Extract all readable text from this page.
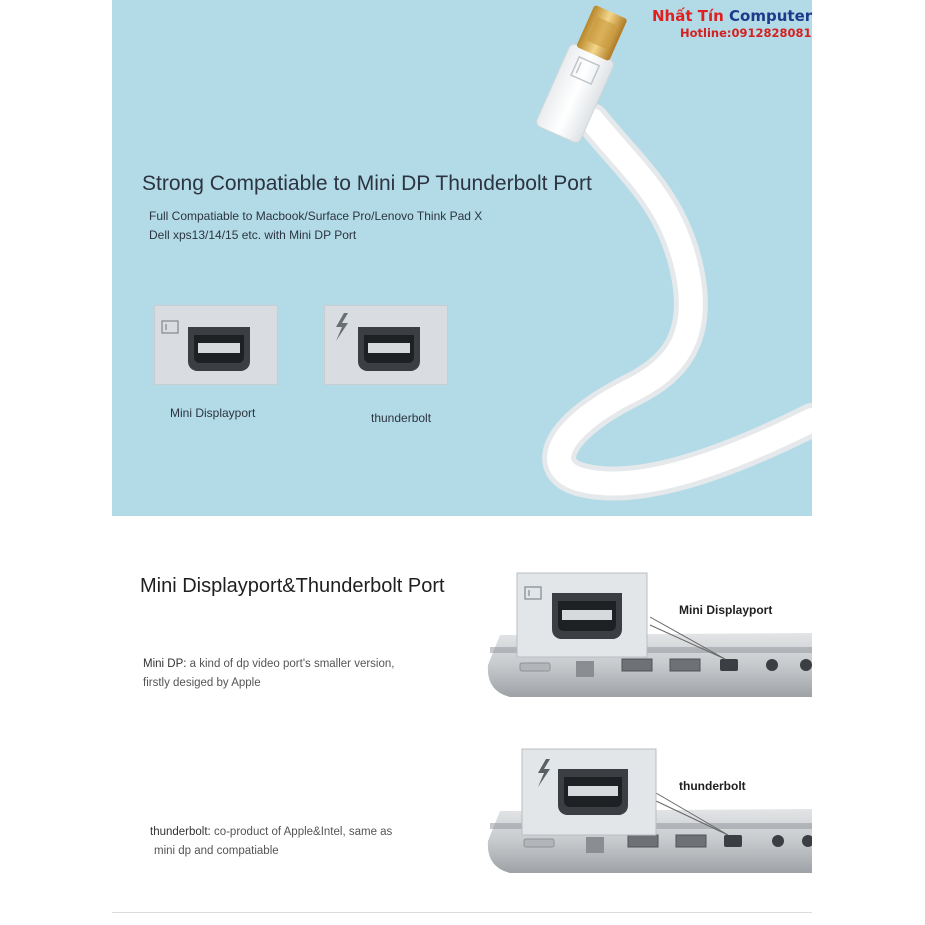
Nhất Tín Computer
Hotline:0912828081
Strong Compatiable to Mini DP Thunderbolt Port
Full Compatiable to Macbook/Surface Pro/Lenovo Think Pad X
Dell xps13/14/15 etc. with Mini DP Port
Mini Displayport	thunderbolt
Mini Displayport&Thunderbolt Port
Mini DP: a kind of dp video port's smaller version,
firstly desiged by Apple
thunderbolt: co-product of Apple&Intel, same as
mini dp and compatiable
Mini Displayport
thunderbolt
